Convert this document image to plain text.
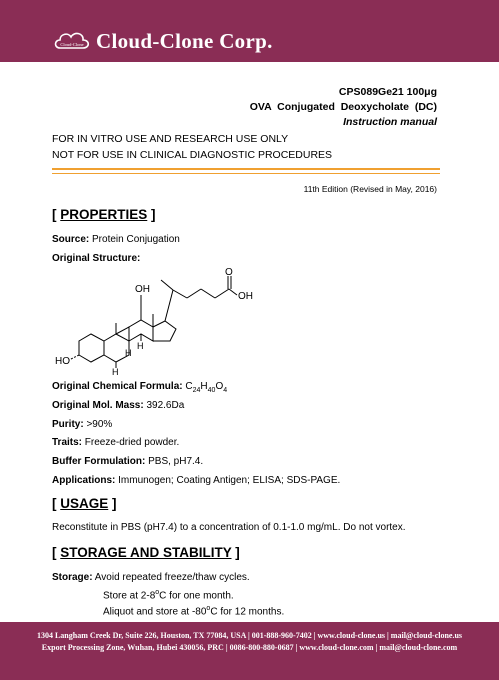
Cloud-Clone Cloud-Clone Corp.
CPS089Ge21 100μg
OVA  Conjugated  Deoxycholate  (DC)
Instruction manual
FOR IN VITRO USE AND RESEARCH USE ONLY
NOT FOR USE IN CLINICAL DIAGNOSTIC PROCEDURES
11th Edition (Revised in May, 2016)
[ PROPERTIES ]
Source: Protein Conjugation
Original Structure:
OH
O
OH
HO
H
H
H
Original Chemical Formula: $C_{24}H_{40}O_4$
Original Mol. Mass: 392.6Da
Purity: >90%
Traits: Freeze-dried powder.
Buffer Formulation: PBS, pH7.4.
Applications: Immunogen; Coating Antigen; ELISA; SDS-PAGE.
[ USAGE ]
Reconstitute in PBS (pH7.4) to a concentration of 0.1-1.0 mg/mL. Do not vortex.
[ STORAGE AND STABILITY ]
Storage: Avoid repeated freeze/thaw cycles.
Store at 2-8$^o$C for one month.
Aliquot and store at -80$^o$C for 12 months.
1304 Langham Creek Dr, Suite 226, Houston, TX 77084, USA | 001-888-960-7402 | www.cloud-clone.us | mail@cloud-clone.us
Export Processing Zone, Wuhan, Hubei 430056, PRC | 0086-800-880-0687 | www.cloud-clone.com | mail@cloud-clone.com
